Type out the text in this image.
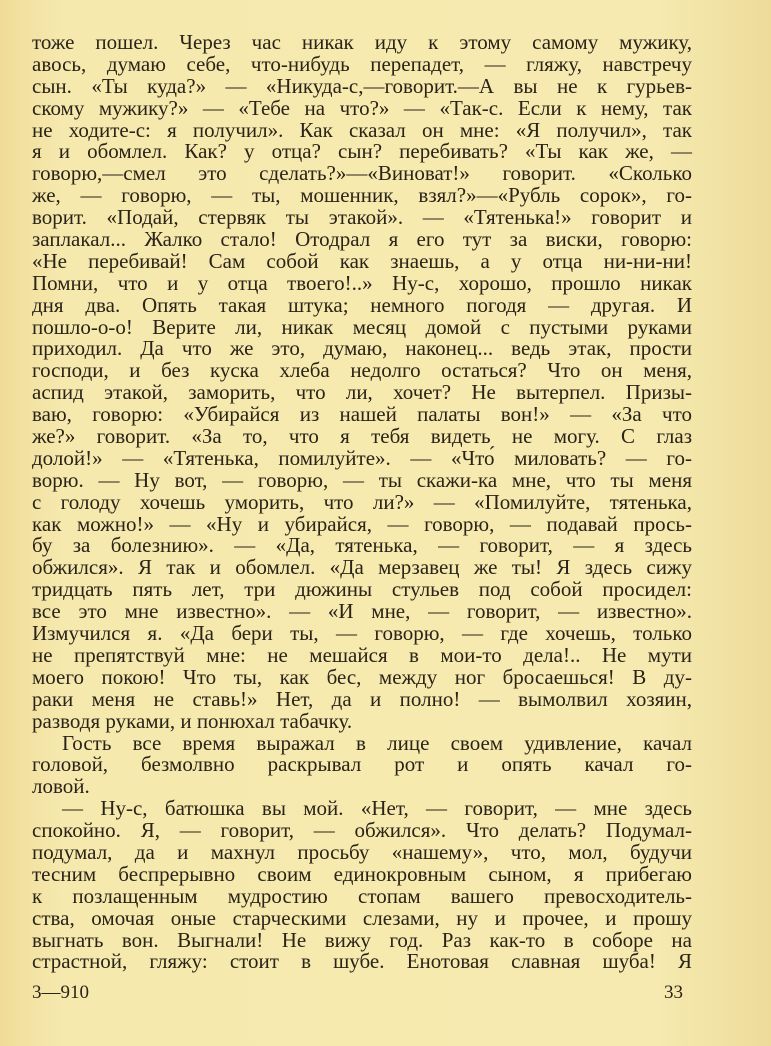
тоже пошел. Через час никак иду к этому самому мужику,
авось, думаю себе, что-нибудь перепадет, — гляжу, навстречу
сын. «Ты куда?» — «Никуда-с,—говорит.—А вы не к гурьев-
скому мужику?» — «Тебе на что?» — «Так-с. Если к нему, так
не ходите-с: я получил». Как сказал он мне: «Я получил», так
я и обомлел. Как? у отца? сын? перебивать? «Ты как же, —
говорю,—смел это сделать?»—«Виноват!» говорит. «Сколько
же, — говорю, — ты, мошенник, взял?»—«Рубль сорок», го-
ворит. «Подай, стервяк ты этакой». — «Тятенька!» говорит и
заплакал... Жалко стало! Отодрал я его тут за виски, говорю:
«Не перебивай! Сам собой как знаешь, а у отца ни-ни-ни!
Помни, что и у отца твоего!..» Ну-с, хорошо, прошло никак
дня два. Опять такая штука; немного погодя — другая. И
пошло-о-о! Верите ли, никак месяц домой с пустыми руками
приходил. Да что же это, думаю, наконец... ведь этак, прости
господи, и без куска хлеба недолго остаться? Что он меня,
аспид этакой, заморить, что ли, хочет? Не вытерпел. Призы-
ваю, говорю: «Убирайся из нашей палаты вон!» — «За что
же?» говорит. «За то, что я тебя видеть не могу. С глаз
долой!» — «Тятенька, помилуйте». — «Что́ миловать? — го-
ворю. — Ну вот, — говорю, — ты скажи-ка мне, что ты меня
с голоду хочешь уморить, что ли?» — «Помилуйте, тятенька,
как можно!» — «Ну и убирайся, — говорю, — подавай прось-
бу за болезнию». — «Да, тятенька, — говорит, — я здесь
обжился». Я так и обомлел. «Да мерзавец же ты! Я здесь сижу
тридцать пять лет, три дюжины стульев под собой просидел:
все это мне известно». — «И мне, — говорит, — известно».
Измучился я. «Да бери ты, — говорю, — где хочешь, только
не препятствуй мне: не мешайся в мои-то дела!.. Не мути
моего покою! Что ты, как бес, между ног бросаешься! В ду-
раки меня не ставь!» Нет, да и полно! — вымолвил хозяин,
разводя руками, и понюхал табачку.
Гость все время выражал в лице своем удивление, качал
головой, безмолвно раскрывал рот и опять качал го-
ловой.
— Ну-с, батюшка вы мой. «Нет, — говорит, — мне здесь
спокойно. Я, — говорит, — обжился». Что делать? Подумал-
подумал, да и махнул просьбу «нашему», что, мол, будучи
тесним беспрерывно своим единокровным сыном, я прибегаю
к позлащенным мудростию стопам вашего превосходитель-
ства, омочая оные старческими слезами, ну и прочее, и прошу
выгнать вон. Выгнали! Не вижу год. Раз как-то в соборе на
страстной, гляжу: стоит в шубе. Енотовая славная шуба! Я
3—910	33
